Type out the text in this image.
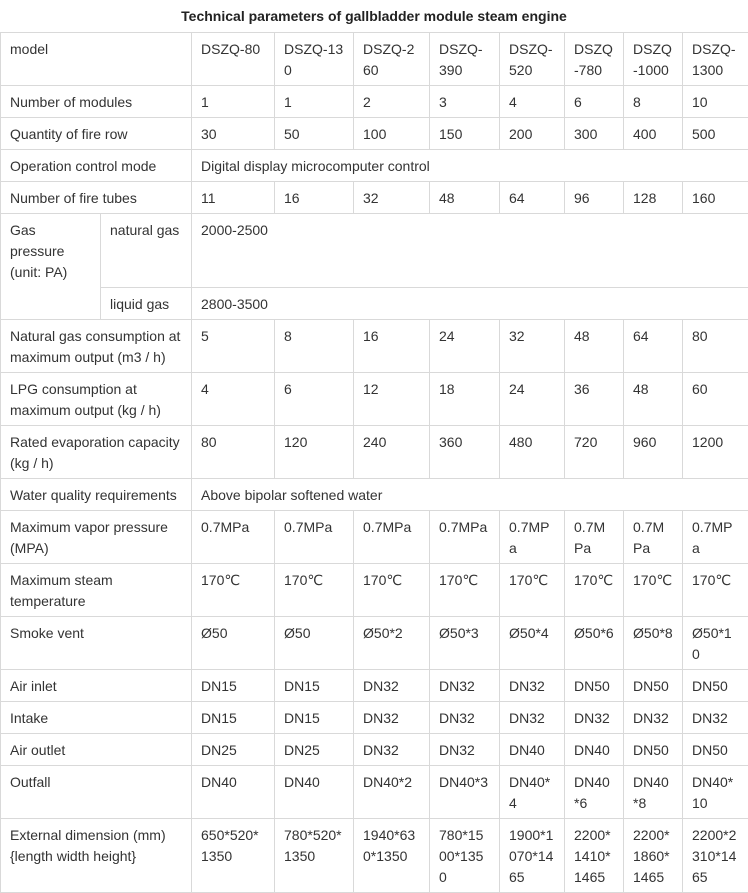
Technical parameters of gallbladder module steam engine
model		DSZQ-80	DSZQ-130	DSZQ-260	DSZQ-390	DSZQ-520	DSZQ-780	DSZQ-1000	DSZQ-1300
Number of modules		1	1	2	3	4	6	8	10
Quantity of fire row		30	50	100	150	200	300	400	500
Operation control mode		Digital display microcomputer control							
Number of fire tubes		11	16	32	48	64	96	128	160
Gas pressure (unit: PA)	natural gas	2000-2500							
	liquid gas	2800-3500							
Natural gas consumption at maximum output (m3 / h)		5	8	16	24	32	48	64	80
LPG consumption at maximum output (kg / h)		4	6	12	18	24	36	48	60
Rated evaporation capacity (kg / h)		80	120	240	360	480	720	960	1200
Water quality requirements		Above bipolar softened water							
Maximum vapor pressure (MPA)		0.7MPa	0.7MPa	0.7MPa	0.7MPa	0.7MPa	0.7MPa	0.7MPa	0.7MPa
Maximum steam temperature		170℃	170℃	170℃	170℃	170℃	170℃	170℃	170℃
Smoke vent		Ø50	Ø50	Ø50*2	Ø50*3	Ø50*4	Ø50*6	Ø50*8	Ø50*10
Air inlet		DN15	DN15	DN32	DN32	DN32	DN50	DN50	DN50
Intake		DN15	DN15	DN32	DN32	DN32	DN32	DN32	DN32
Air outlet		DN25	DN25	DN32	DN32	DN40	DN40	DN50	DN50
Outfall		DN40	DN40	DN40*2	DN40*3	DN40*4	DN40*6	DN40*8	DN40*10
External dimension (mm) {length width height}		650*520*1350	780*520*1350	1940*630*1350	780*1500*1350	1900*1070*1465	2200*1410*1465	2200*1860*1465	2200*2310*1465
